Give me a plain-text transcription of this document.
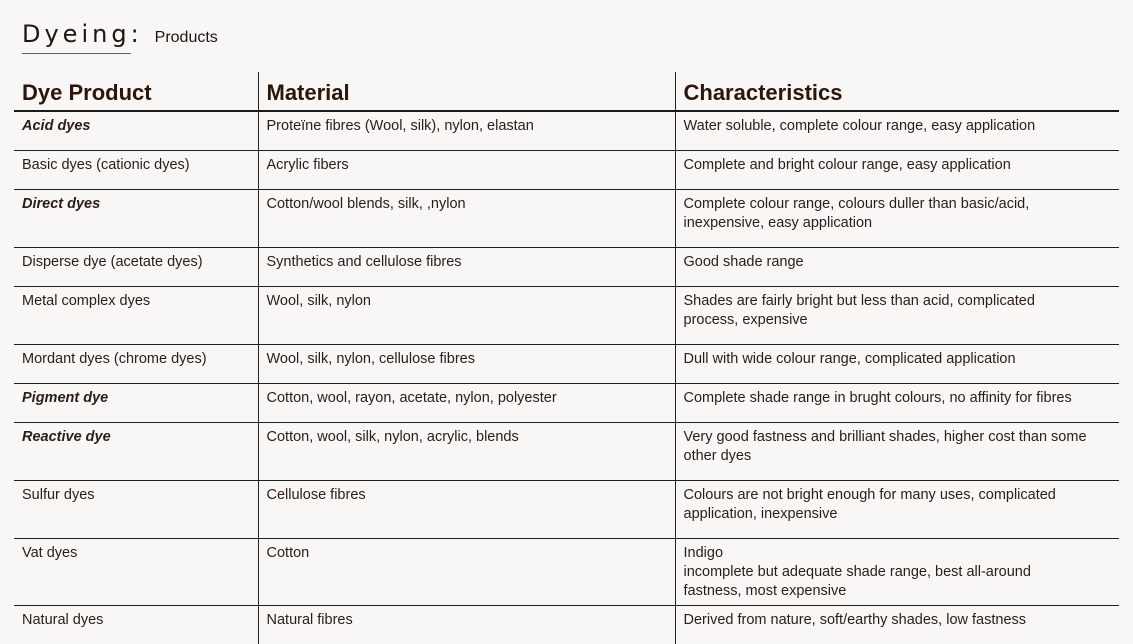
Dyeing: Products
Dye Product	Material	Characteristics
Acid dyes	Proteïne fibres (Wool, silk), nylon, elastan	Water soluble, complete colour range, easy application

Basic dyes (cationic dyes)	Acrylic fibers	Complete and bright colour range, easy application

Direct dyes	Cotton/wool blends, silk, ,nylon	Complete colour range, colours duller than basic/acid,
inexpensive, easy application

Disperse dye (acetate dyes)	Synthetics and cellulose fibres	Good shade range

Metal complex dyes	Wool, silk, nylon	Shades are fairly bright but less than acid, complicated
process, expensive

Mordant dyes (chrome dyes)	Wool, silk, nylon, cellulose fibres	Dull with wide colour range, complicated application

Pigment dye	Cotton, wool, rayon, acetate, nylon, polyester	Complete shade range in brught colours, no affinity for fibres

Reactive dye	Cotton, wool, silk, nylon, acrylic, blends	Very good fastness and brilliant shades, higher cost than some
other dyes

Sulfur dyes	Cellulose fibres	Colours are not bright enough for many uses, complicated
application, inexpensive

Vat dyes	Cotton	Indigo
incomplete but adequate shade range, best all-around
fastness, most expensive

Natural dyes	Natural fibres	Derived from nature, soft/earthy shades, low fastness
